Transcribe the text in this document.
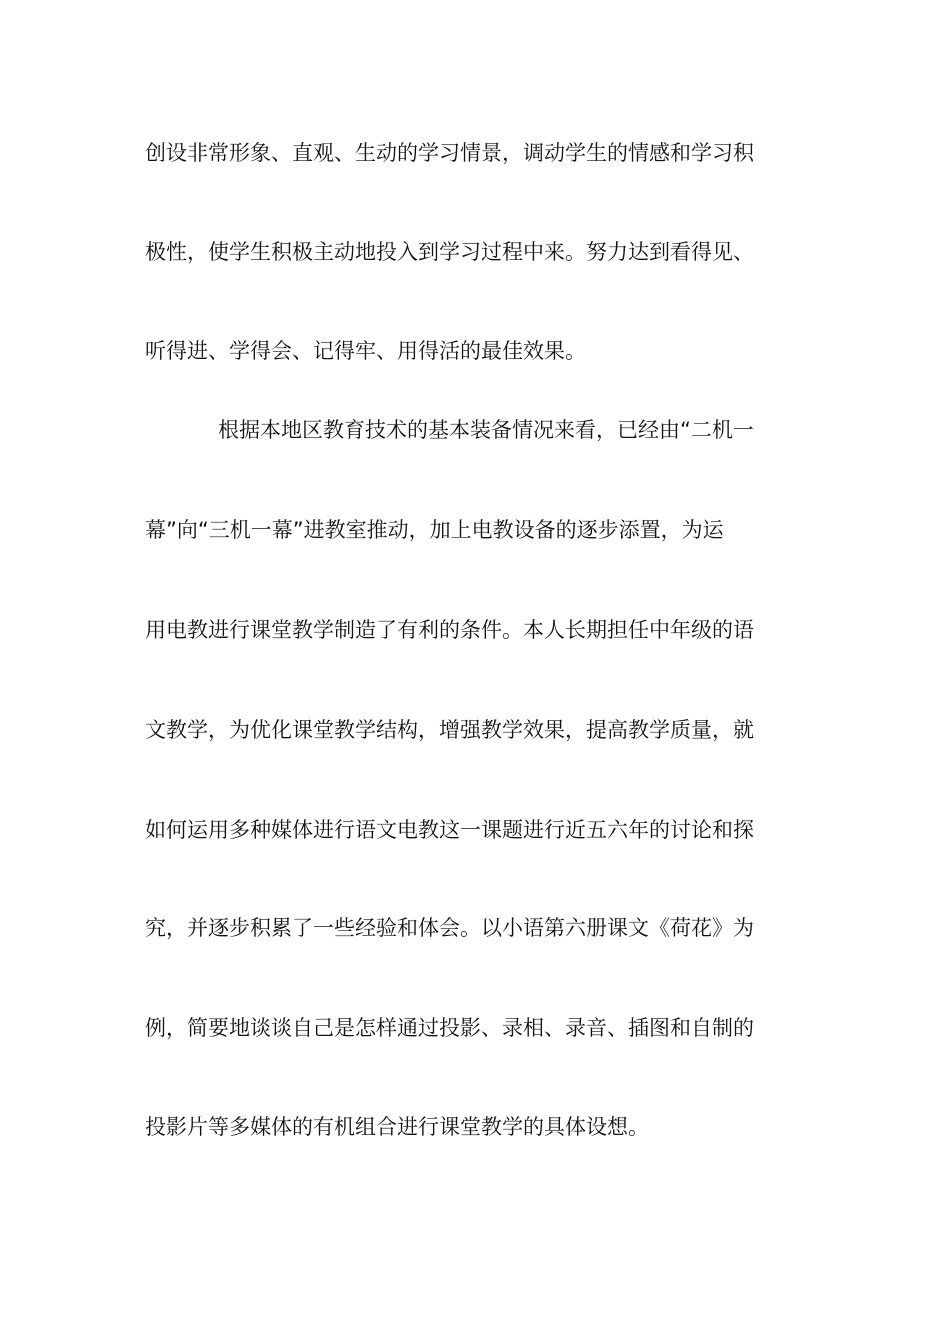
创设非常形象、直观、生动的学习情景，调动学生的情感和学习积
极性，使学生积极主动地投入到学习过程中来。努力达到看得见、
听得进、学得会、记得牢、用得活的最佳效果。
根据本地区教育技术的基本装备情况来看，已经由“二机一
幕”向“三机一幕”进教室推动，加上电教设备的逐步添置，为运
用电教进行课堂教学制造了有利的条件。本人长期担任中年级的语
文教学，为优化课堂教学结构，增强教学效果，提高教学质量，就
如何运用多种媒体进行语文电教这一课题进行近五六年的讨论和探
究，并逐步积累了一些经验和体会。以小语第六册课文《荷花》为
例，简要地谈谈自己是怎样通过投影、录相、录音、插图和自制的
投影片等多媒体的有机组合进行课堂教学的具体设想。
